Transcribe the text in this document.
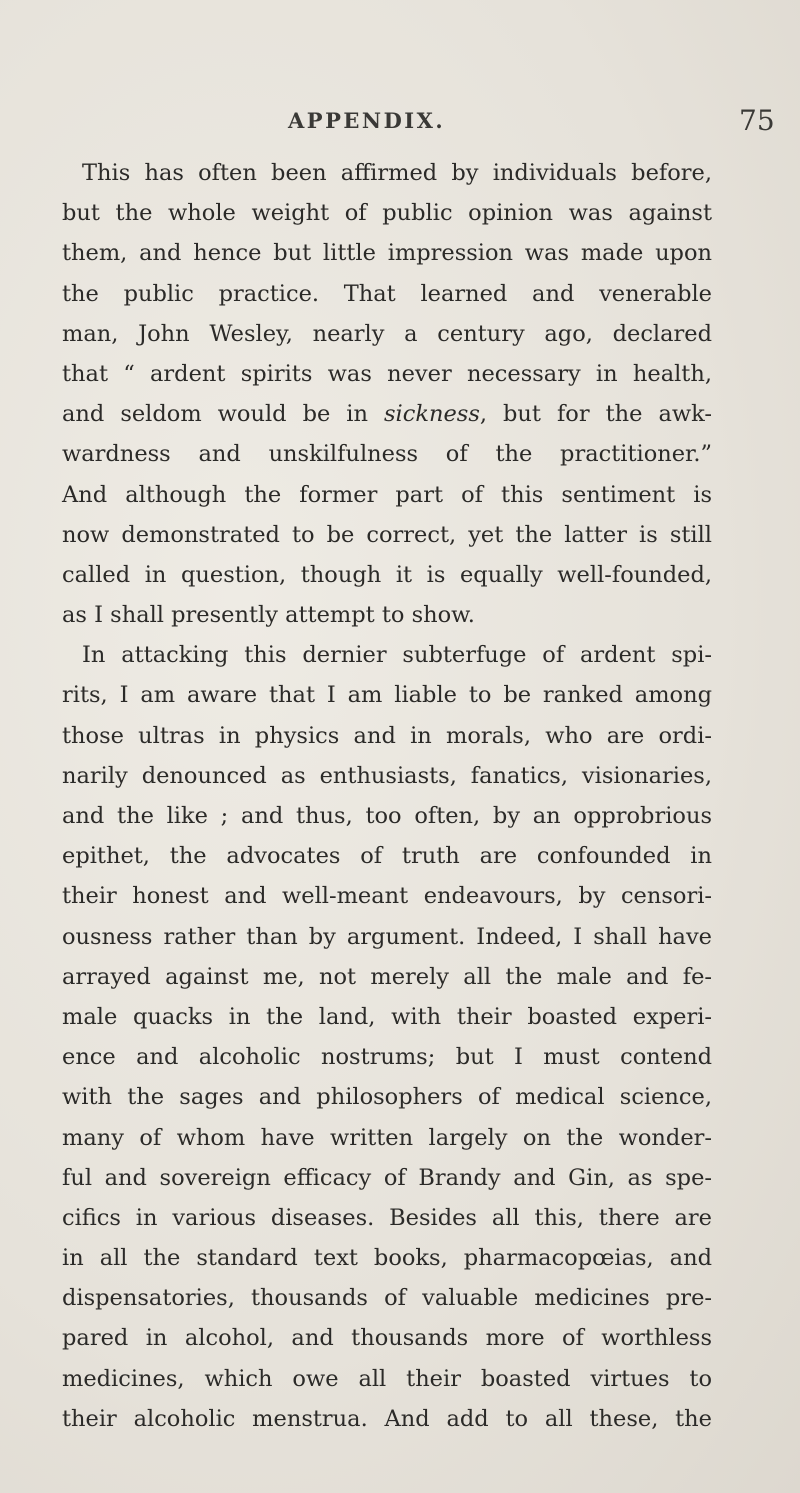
APPENDIX.	75
This has often been affirmed by individuals before,
but the whole weight of public opinion was against
them, and hence but little impression was made upon
the public practice. That learned and venerable
man, John Wesley, nearly a century ago, declared
that “ ardent spirits was never necessary in health,
and seldom would be in sickness, but for the awk-
wardness and unskilfulness of the practitioner.”
And although the former part of this sentiment is
now demonstrated to be correct, yet the latter is still
called in question, though it is equally well-founded,
as I shall presently attempt to show.
In attacking this dernier subterfuge of ardent spi-
rits, I am aware that I am liable to be ranked among
those ultras in physics and in morals, who are ordi-
narily denounced as enthusiasts, fanatics, visionaries,
and the like ; and thus, too often, by an opprobrious
epithet, the advocates of truth are confounded in
their honest and well-meant endeavours, by censori-
ousness rather than by argument. Indeed, I shall have
arrayed against me, not merely all the male and fe-
male quacks in the land, with their boasted experi-
ence and alcoholic nostrums; but I must contend
with the sages and philosophers of medical science,
many of whom have written largely on the wonder-
ful and sovereign efficacy of Brandy and Gin, as spe-
cifics in various diseases. Besides all this, there are
in all the standard text books, pharmacopœias, and
dispensatories, thousands of valuable medicines pre-
pared in alcohol, and thousands more of worthless
medicines, which owe all their boasted virtues to
their alcoholic menstrua. And add to all these, the
